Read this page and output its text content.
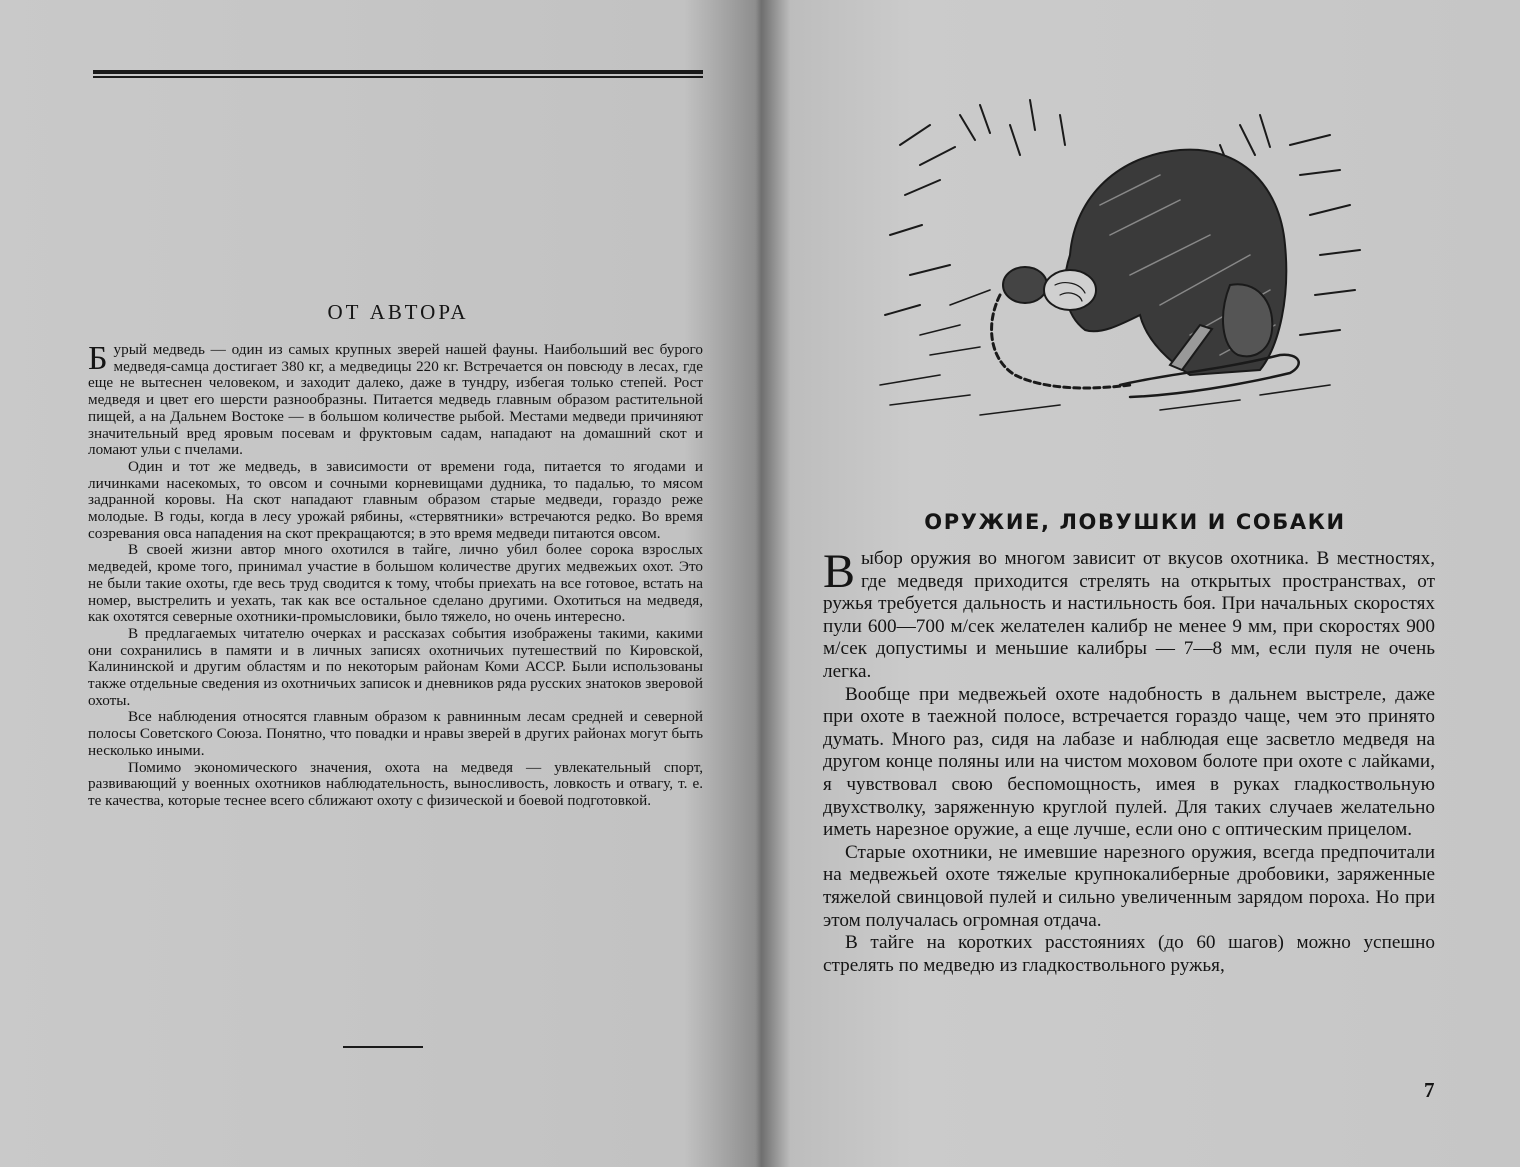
ОТ АВТОРА

Бурый медведь — один из самых крупных зверей нашей фауны. Наибольший вес бурого медведя-самца достигает 380 кг, а медведицы 220 кг. Встречается он повсюду в лесах, где еще не вытеснен человеком, и заходит далеко, даже в тундру, избегая только степей. Рост медведя и цвет его шерсти разнообразны. Питается медведь главным образом растительной пищей, а на Дальнем Востоке — в большом количестве рыбой. Местами медведи причиняют значительный вред яровым посевам и фруктовым садам, нападают на домашний скот и ломают ульи с пчелами.

Один и тот же медведь, в зависимости от времени года, питается то ягодами и личинками насекомых, то овсом и сочными корневищами дудника, то падалью, то мясом задранной коровы. На скот нападают главным образом старые медведи, гораздо реже молодые. В годы, когда в лесу урожай рябины, «стервятники» встречаются редко. Во время созревания овса нападения на скот прекращаются; в это время медведи питаются овсом.

В своей жизни автор много охотился в тайге, лично убил более сорока взрослых медведей, кроме того, принимал участие в большом количестве других медвежьих охот. Это не были такие охоты, где весь труд сводится к тому, чтобы приехать на все готовое, встать на номер, выстрелить и уехать, так как все остальное сделано другими. Охотиться на медведя, как охотятся северные охотники-промысловики, было тяжело, но очень интересно.

В предлагаемых читателю очерках и рассказах события изображены такими, какими они сохранились в памяти и в личных записях охотничьих путешествий по Кировской, Калининской и другим областям и по некоторым районам Коми АССР. Были использованы также отдельные сведения из охотничьих записок и дневников ряда русских знатоков зверовой охоты.

Все наблюдения относятся главным образом к равнинным лесам средней и северной полосы Советского Союза. Понятно, что повадки и нравы зверей в других районах могут быть несколько иными.

Помимо экономического значения, охота на медведя — увлекательный спорт, развивающий у военных охотников наблюдательность, выносливость, ловкость и отвагу, т. е. те качества, которые теснее всего сближают охоту с физической и боевой подготовкой.

ОРУЖИЕ, ЛОВУШКИ И СОБАКИ

Выбор оружия во многом зависит от вкусов охотника. В местностях, где медведя приходится стрелять на открытых пространствах, от ружья требуется дальность и настильность боя. При начальных скоростях пули 600—700 м/сек желателен калибр не менее 9 мм, при скоростях 900 м/сек допустимы и меньшие калибры — 7—8 мм, если пуля не очень легка.

Вообще при медвежьей охоте надобность в дальнем выстреле, даже при охоте в таежной полосе, встречается гораздо чаще, чем это принято думать. Много раз, сидя на лабазе и наблюдая еще засветло медведя на другом конце поляны или на чистом моховом болоте при охоте с лайками, я чувствовал свою беспомощность, имея в руках гладкоствольную двухстволку, заряженную круглой пулей. Для таких случаев желательно иметь нарезное оружие, а еще лучше, если оно с оптическим прицелом.

Старые охотники, не имевшие нарезного оружия, всегда предпочитали на медвежьей охоте тяжелые крупнокалиберные дробовики, заряженные тяжелой свинцовой пулей и сильно увеличенным зарядом пороха. Но при этом получалась огромная отдача.

В тайге на коротких расстояниях (до 60 шагов) можно успешно стрелять по медведю из гладкоствольного ружья,

7
